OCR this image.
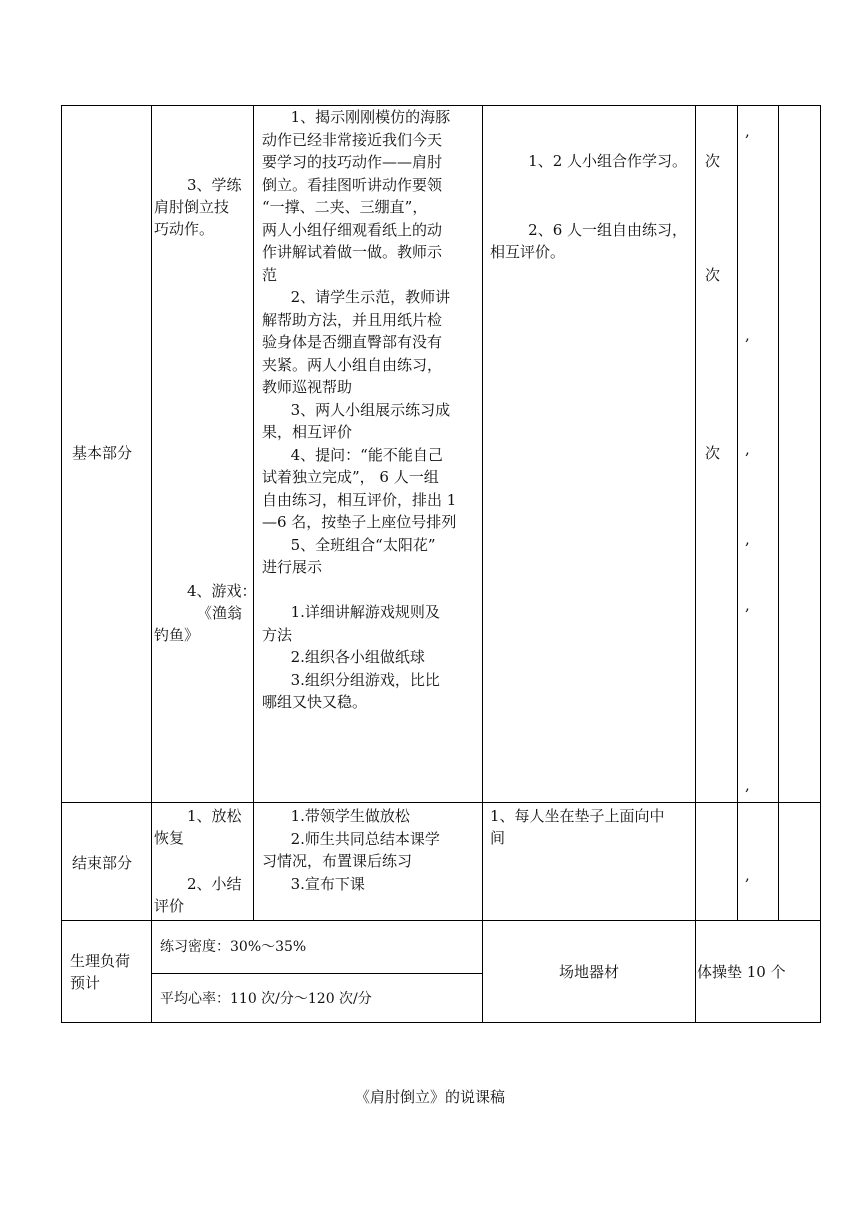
基本部分
3、学练
肩肘倒立技
巧动作。
4、游戏：
《渔翁
钓鱼》
1、揭示刚刚模仿的海豚
动作已经非常接近我们今天
要学习的技巧动作——肩肘
倒立。看挂图听讲动作要领
“一撑、二夹、三绷直”，
两人小组仔细观看纸上的动
作讲解试着做一做。教师示
范
2、请学生示范，教师讲
解帮助方法，并且用纸片检
验身体是否绷直臀部有没有
夹紧。两人小组自由练习，
教师巡视帮助
3、两人小组展示练习成
果，相互评价
4、提问：“能不能自己
试着独立完成”， 6 人一组
自由练习，相互评价，排出 1
—6 名，按垫子上座位号排列
5、全班组合“太阳花”
进行展示
1.详细讲解游戏规则及
方法
2.组织各小组做纸球
3.组织分组游戏，比比
哪组又快又稳。
1、2 人小组合作学习。
2、6 人一组自由练习，
相互评价。
次
次
次
,
,
,
,
,
,
结束部分
1、放松
恢复
2、小结
评价
1.带领学生做放松
2.师生共同总结本课学
习情况，布置课后练习
3.宣布下课
1、每人坐在垫子上面向中
间
,
生理负荷
预计
练习密度：30%～35%
平均心率：110 次/分～120 次/分
场地器材	体操垫 10 个
《肩肘倒立》的说课稿
